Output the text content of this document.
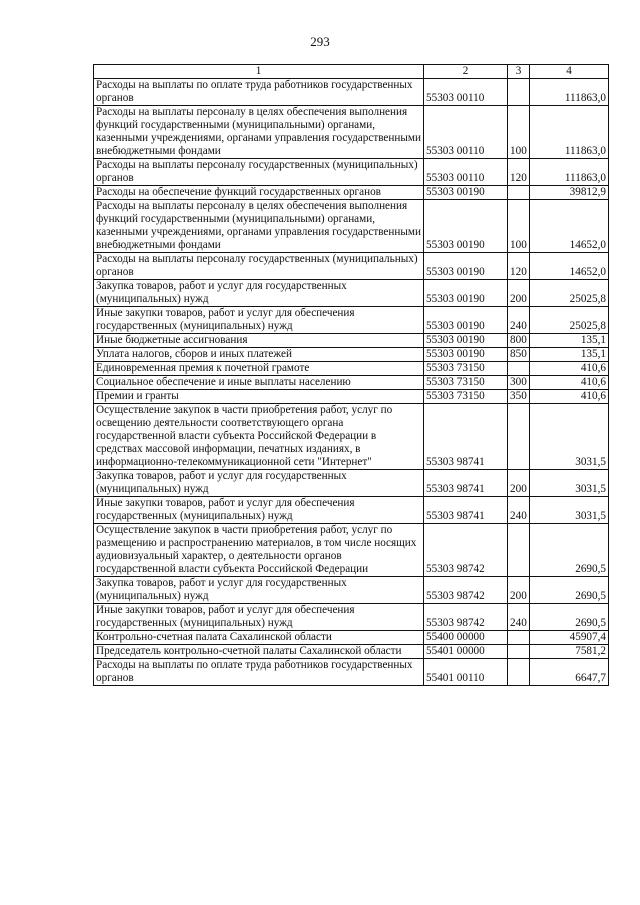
293
1	2	3	4
Расходы на выплаты по оплате труда работников государственных органов	55303 00110		111863,0
Расходы на выплаты персоналу в целях обеспечения выполнения функций государственными (муниципальными) органами, казенными учреждениями, органами управления государственными внебюджетными фондами	55303 00110	100	111863,0
Расходы на выплаты персоналу государственных (муниципальных) органов	55303 00110	120	111863,0
Расходы на обеспечение функций государственных органов	55303 00190		39812,9
Расходы на выплаты персоналу в целях обеспечения выполнения функций государственными (муниципальными) органами, казенными учреждениями, органами управления государственными внебюджетными фондами	55303 00190	100	14652,0
Расходы на выплаты персоналу государственных (муниципальных) органов	55303 00190	120	14652,0
Закупка товаров, работ и услуг для государственных (муниципальных) нужд	55303 00190	200	25025,8
Иные закупки товаров, работ и услуг для обеспечения государственных (муниципальных) нужд	55303 00190	240	25025,8
Иные бюджетные ассигнования	55303 00190	800	135,1
Уплата налогов, сборов и иных платежей	55303 00190	850	135,1
Единовременная премия к почетной грамоте	55303 73150		410,6
Социальное обеспечение и иные выплаты населению	55303 73150	300	410,6
Премии и гранты	55303 73150	350	410,6
Осуществление закупок в части приобретения работ, услуг по освещению деятельности соответствующего органа государственной власти субъекта Российской Федерации в средствах массовой информации, печатных изданиях, в информационно-телекоммуникационной сети "Интернет"	55303 98741		3031,5
Закупка товаров, работ и услуг для государственных (муниципальных) нужд	55303 98741	200	3031,5
Иные закупки товаров, работ и услуг для обеспечения государственных (муниципальных) нужд	55303 98741	240	3031,5
Осуществление закупок в части приобретения работ, услуг по размещению и распространению материалов, в том числе носящих аудиовизуальный характер, о деятельности органов государственной власти субъекта Российской Федерации	55303 98742		2690,5
Закупка товаров, работ и услуг для государственных (муниципальных) нужд	55303 98742	200	2690,5
Иные закупки товаров, работ и услуг для обеспечения государственных (муниципальных) нужд	55303 98742	240	2690,5
Контрольно-счетная палата Сахалинской области	55400 00000		45907,4
Председатель контрольно-счетной палаты Сахалинской области	55401 00000		7581,2
Расходы на выплаты по оплате труда работников государственных органов	55401 00110		6647,7
